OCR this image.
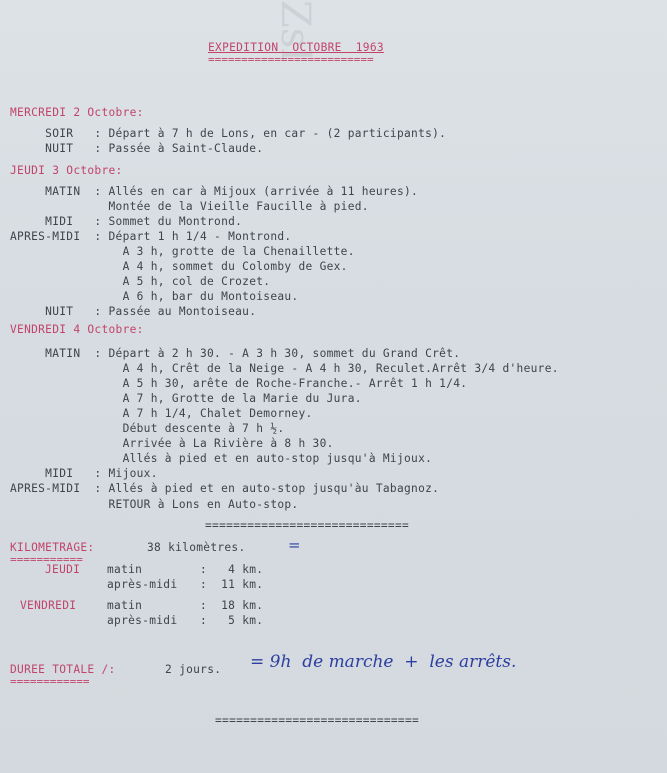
Zsl
EXPEDITION  OCTOBRE  1963
=========================
MERCREDI 2 Octobre:
SOIR   : Départ à 7 h de Lons, en car - (2 participants).
NUIT   : Passée à Saint-Claude.
JEUDI 3 Octobre:
MATIN  : Allés en car à Mijoux (arrivée à 11 heures).
Montée de la Vieille Faucille à pied.
MIDI   : Sommet du Montrond.
APRES-MIDI  : Départ 1 h 1/4 - Montrond.
A 3 h, grotte de la Chenaillette.
A 4 h, sommet du Colomby de Gex.
A 5 h, col de Crozet.
A 6 h, bar du Montoiseau.
NUIT   : Passée au Montoiseau.
VENDREDI 4 Octobre:
MATIN  : Départ à 2 h 30. - A 3 h 30, sommet du Grand Crêt.
A 4 h, Crêt de la Neige - A 4 h 30, Reculet.Arrêt 3/4 d'heure.
A 5 h 30, arête de Roche-Franche.- Arrêt 1 h 1/4.
A 7 h, Grotte de la Marie du Jura.
A 7 h 1/4, Chalet Demorney.
Début descente à 7 h ½.
Arrivée à La Rivière à 8 h 30.
Allés à pied et en auto-stop jusqu'à Mijoux.
MIDI   : Mijoux.
APRES-MIDI  : Allés à pied et en auto-stop jusqu'àu Tabagnoz.

RETOUR à Lons en Auto-stop.
=============================
KILOMETRAGE:
===========
38 kilomètres.	=
JEUDI matin :   4 km.
après-midi :  11 km.
VENDREDI	matin :  18 km.
après-midi :   5 km.
DUREE TOTALE /:
============
2 jours. = 9h  de marche  +  les arrêts.
=============================
